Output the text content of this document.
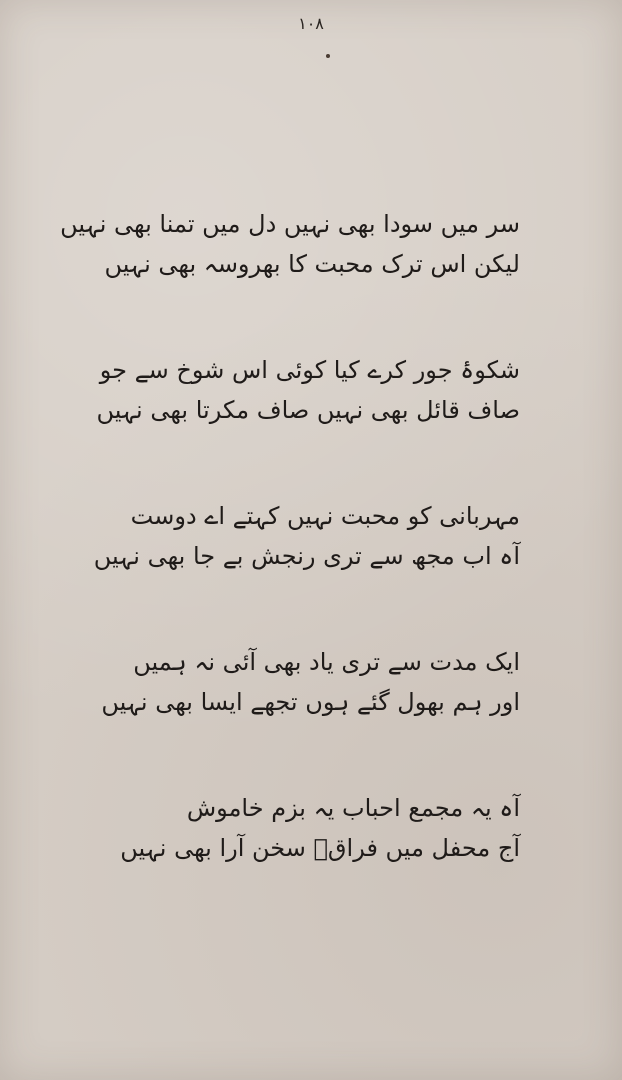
۱۰۸
سر میں سودا بھی نہیں دل میں تمنا بھی نہیں
لیکن اس ترک محبت کا بھروسہ بھی نہیں
شکوۂ جور کرے کیا کوئی اس شوخ سے جو
صاف قائل بھی نہیں صاف مکرتا بھی نہیں
مہربانی کو محبت نہیں کہتے اے دوست
آہ اب مجھ سے تری رنجش بے جا بھی نہیں
ایک مدت سے تری یاد بھی آئی نہ ہمیں
اور ہم بھول گئے ہوں تجھے ایسا بھی نہیں
آہ یہ مجمع احباب یہ بزم خاموش
آج محفل میں فراقؔ سخن آرا بھی نہیں
